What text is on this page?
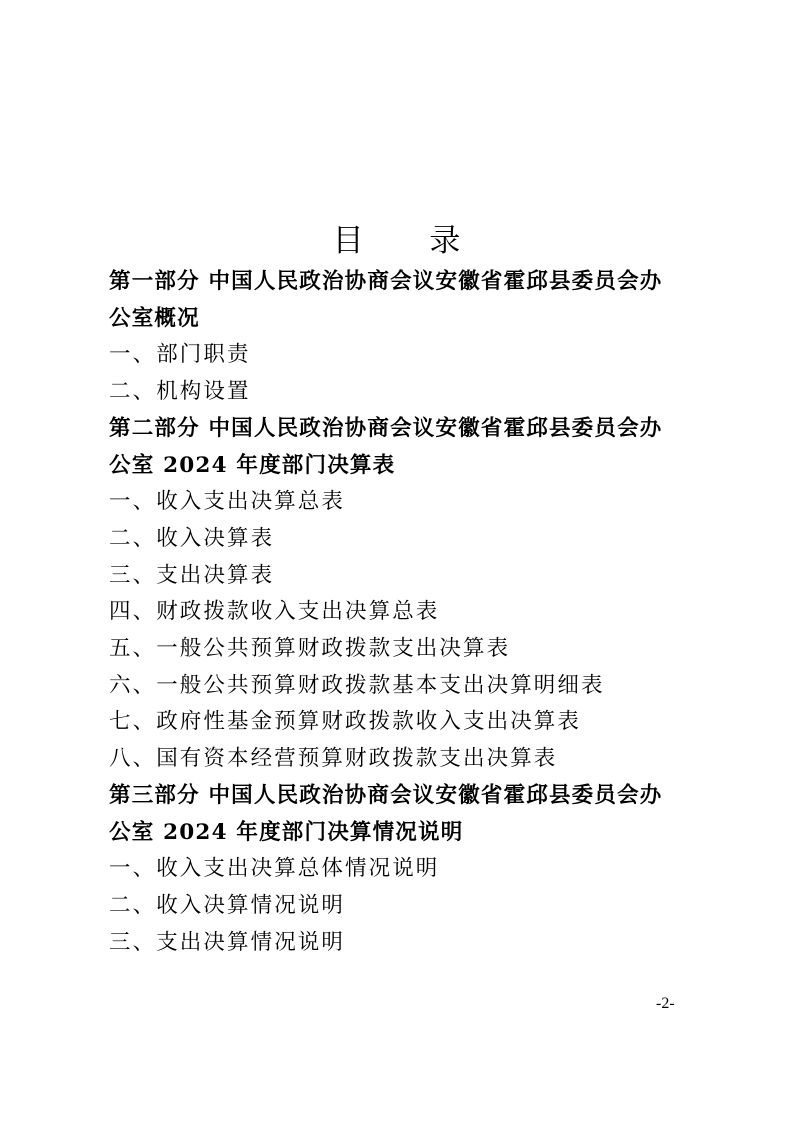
目 录

第一部分 中国人民政治协商会议安徽省霍邱县委员会办

公室概况

一、部门职责

二、机构设置

第二部分 中国人民政治协商会议安徽省霍邱县委员会办

公室 2024 年度部门决算表

一、收入支出决算总表

二、收入决算表

三、支出决算表

四、财政拨款收入支出决算总表

五、一般公共预算财政拨款支出决算表

六、一般公共预算财政拨款基本支出决算明细表

七、政府性基金预算财政拨款收入支出决算表

八、国有资本经营预算财政拨款支出决算表

第三部分 中国人民政治协商会议安徽省霍邱县委员会办

公室 2024 年度部门决算情况说明

一、收入支出决算总体情况说明

二、收入决算情况说明

三、支出决算情况说明

-2-
